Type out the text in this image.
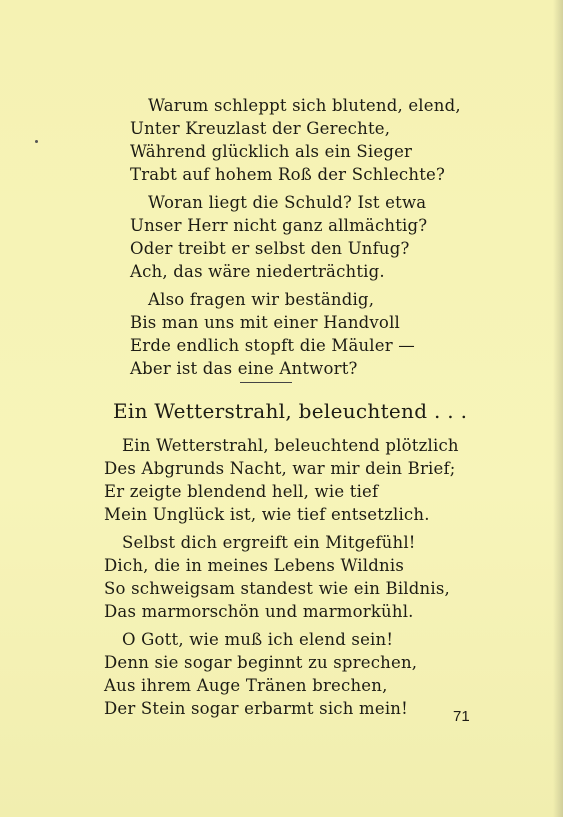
Warum schleppt sich blutend, elend,
Unter Kreuzlast der Gerechte,
Während glücklich als ein Sieger
Trabt auf hohem Roß der Schlechte?
Woran liegt die Schuld? Ist etwa
Unser Herr nicht ganz allmächtig?
Oder treibt er selbst den Unfug?
Ach, das wäre niederträchtig.
Also fragen wir beständig,
Bis man uns mit einer Handvoll
Erde endlich stopft die Mäuler —
Aber ist das eine Antwort?
Ein Wetterstrahl, beleuchtend . . .
Ein Wetterstrahl, beleuchtend plötzlich
Des Abgrunds Nacht, war mir dein Brief;
Er zeigte blendend hell, wie tief
Mein Unglück ist, wie tief entsetzlich.
Selbst dich ergreift ein Mitgefühl!
Dich, die in meines Lebens Wildnis
So schweigsam standest wie ein Bildnis,
Das marmorschön und marmorkühl.
O Gott, wie muß ich elend sein!
Denn sie sogar beginnt zu sprechen,
Aus ihrem Auge Tränen brechen,
Der Stein sogar erbarmt sich mein!	71
